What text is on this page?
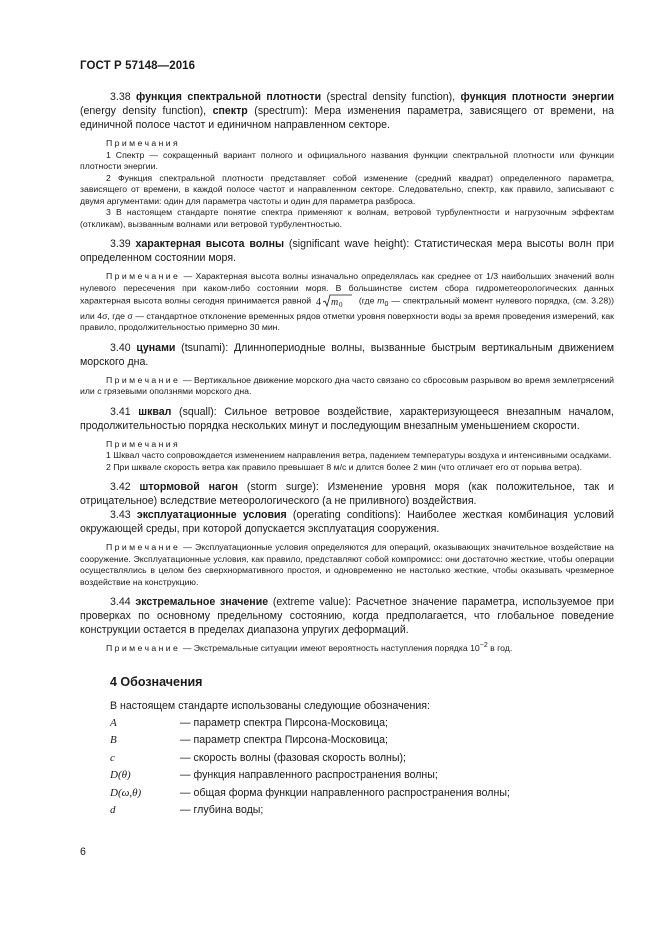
ГОСТ Р 57148—2016

3.38 функция спектральной плотности (spectral density function), функция плотности энергии (energy density function), спектр (spectrum): Мера изменения параметра, зависящего от времени, на единичной полосе частот и единичном направленном секторе.

Примечания

1 Спектр — сокращенный вариант полного и официального названия функции спектральной плотности или функции плотности энергии.

2 Функция спектральной плотности представляет собой изменение (средний квадрат) определенного параметра, зависящего от времени, в каждой полосе частот и направленном секторе. Следовательно, спектр, как правило, записывают с двумя аргументами: один для параметра частоты и один для параметра разброса.

3 В настоящем стандарте понятие спектра применяют к волнам, ветровой турбулентности и нагрузочным эффектам (откликам), вызванным волнами или ветровой турбулентностью.

3.39 характерная высота волны (significant wave height): Статистическая мера высоты волн при определенном состоянии моря.

Примечание — Характерная высота волны изначально определялась как среднее от 1/3 наибольших значений волн нулевого пересечения при каком-либо состоянии моря. В большинстве систем сбора гидрометеорологических данных характерная высота волны сегодня принимается равной 4 m 0 (где $m_0$ — спектральный момент нулевого порядка, (см. 3.28)) или 4σ, где σ — стандартное отклонение временных рядов отметки уровня поверхности воды за время проведения измерений, как правило, продолжительностью примерно 30 мин.

3.40 цунами (tsunami): Длиннопериодные волны, вызванные быстрым вертикальным движением морского дна.

Примечание — Вертикальное движение морского дна часто связано со сбросовым разрывом во время землетрясений или с грязевыми оползнями морского дна.

3.41 шквал (squall): Сильное ветровое воздействие, характеризующееся внезапным началом, продолжительностью порядка нескольких минут и последующим внезапным уменьшением скорости.

Примечания

1 Шквал часто сопровождается изменением направления ветра, падением температуры воздуха и интенсивными осадками.

2 При шквале скорость ветра как правило превышает 8 м/с и длится более 2 мин (что отличает его от порыва ветра).

3.42 штормовой нагон (storm surge): Изменение уровня моря (как положительное, так и отрицательное) вследствие метеорологического (а не приливного) воздействия.

3.43 эксплуатационные условия (operating conditions): Наиболее жесткая комбинация условий окружающей среды, при которой допускается эксплуатация сооружения.

Примечание — Эксплуатационные условия определяются для операций, оказывающих значительное воздействие на сооружение. Эксплуатационные условия, как правило, представляют собой компромисс: они достаточно жесткие, чтобы операции осуществлялись в целом без сверхнормативного простоя, и одновременно не настолько жесткие, чтобы оказывать чрезмерное воздействие на конструкцию.

3.44 экстремальное значение (extreme value): Расчетное значение параметра, используемое при проверках по основному предельному состоянию, когда предполагается, что глобальное поведение конструкции остается в пределах диапазона упругих деформаций.

Примечание — Экстремальные ситуации имеют вероятность наступления порядка $10^{-2}$ в год.

4 Обозначения

В настоящем стандарте использованы следующие обозначения:

A	— параметр спектра Пирсона-Московица;
B	— параметр спектра Пирсона-Московица;
c	— скорость волны (фазовая скорость волны);
D(θ)	— функция направленного распространения волны;
D(ω,θ)	— общая форма функции направленного распространения волны;
d	— глубина воды;
6
